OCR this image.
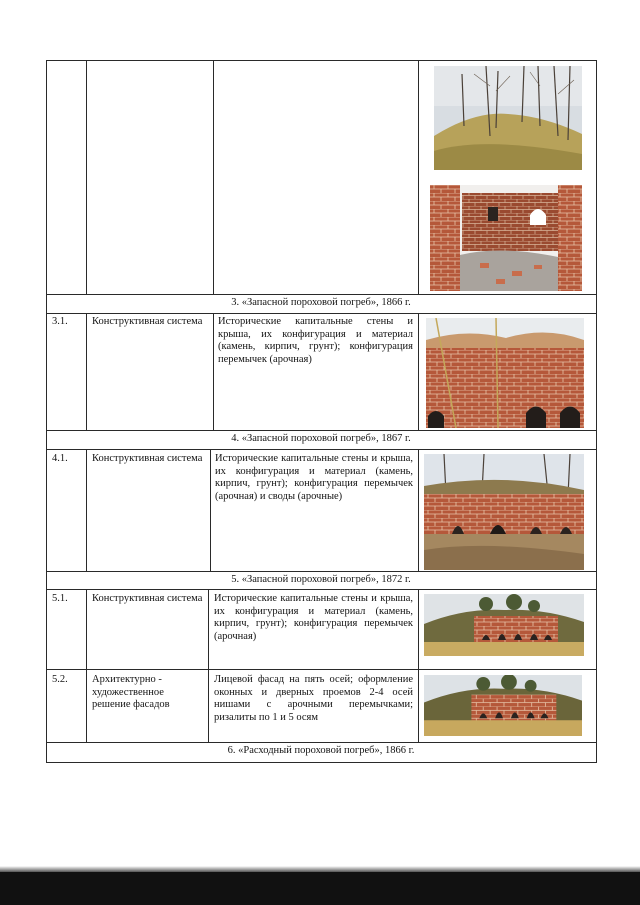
3. «Запасной пороховой погреб», 1866 г.
3.1. Конструктивная система	Исторические капитальные стены и крыша, их конфигурация и материал (камень, кирпич, грунт); конфигурация перемычек (арочная)
4. «Запасной пороховой погреб», 1867 г.
4.1. Конструктивная система	Исторические капитальные стены и крыша, их конфигурация и материал (камень, кирпич, грунт); конфигурация перемычек (арочная) и своды (арочные)
5. «Запасной пороховой погреб», 1872 г.
5.1. Конструктивная система Исторические капитальные стены и крыша, их конфигурация и материал (камень, кирпич, грунт); конфигурация перемычек (арочная)
5.2. Архитектурно - художественное решение фасадов
Лицевой фасад на пять осей; оформление оконных и дверных проемов 2-4 осей нишами с арочными перемычками; ризалиты по 1 и 5 осям
6. «Расходный пороховой погреб», 1866 г.
